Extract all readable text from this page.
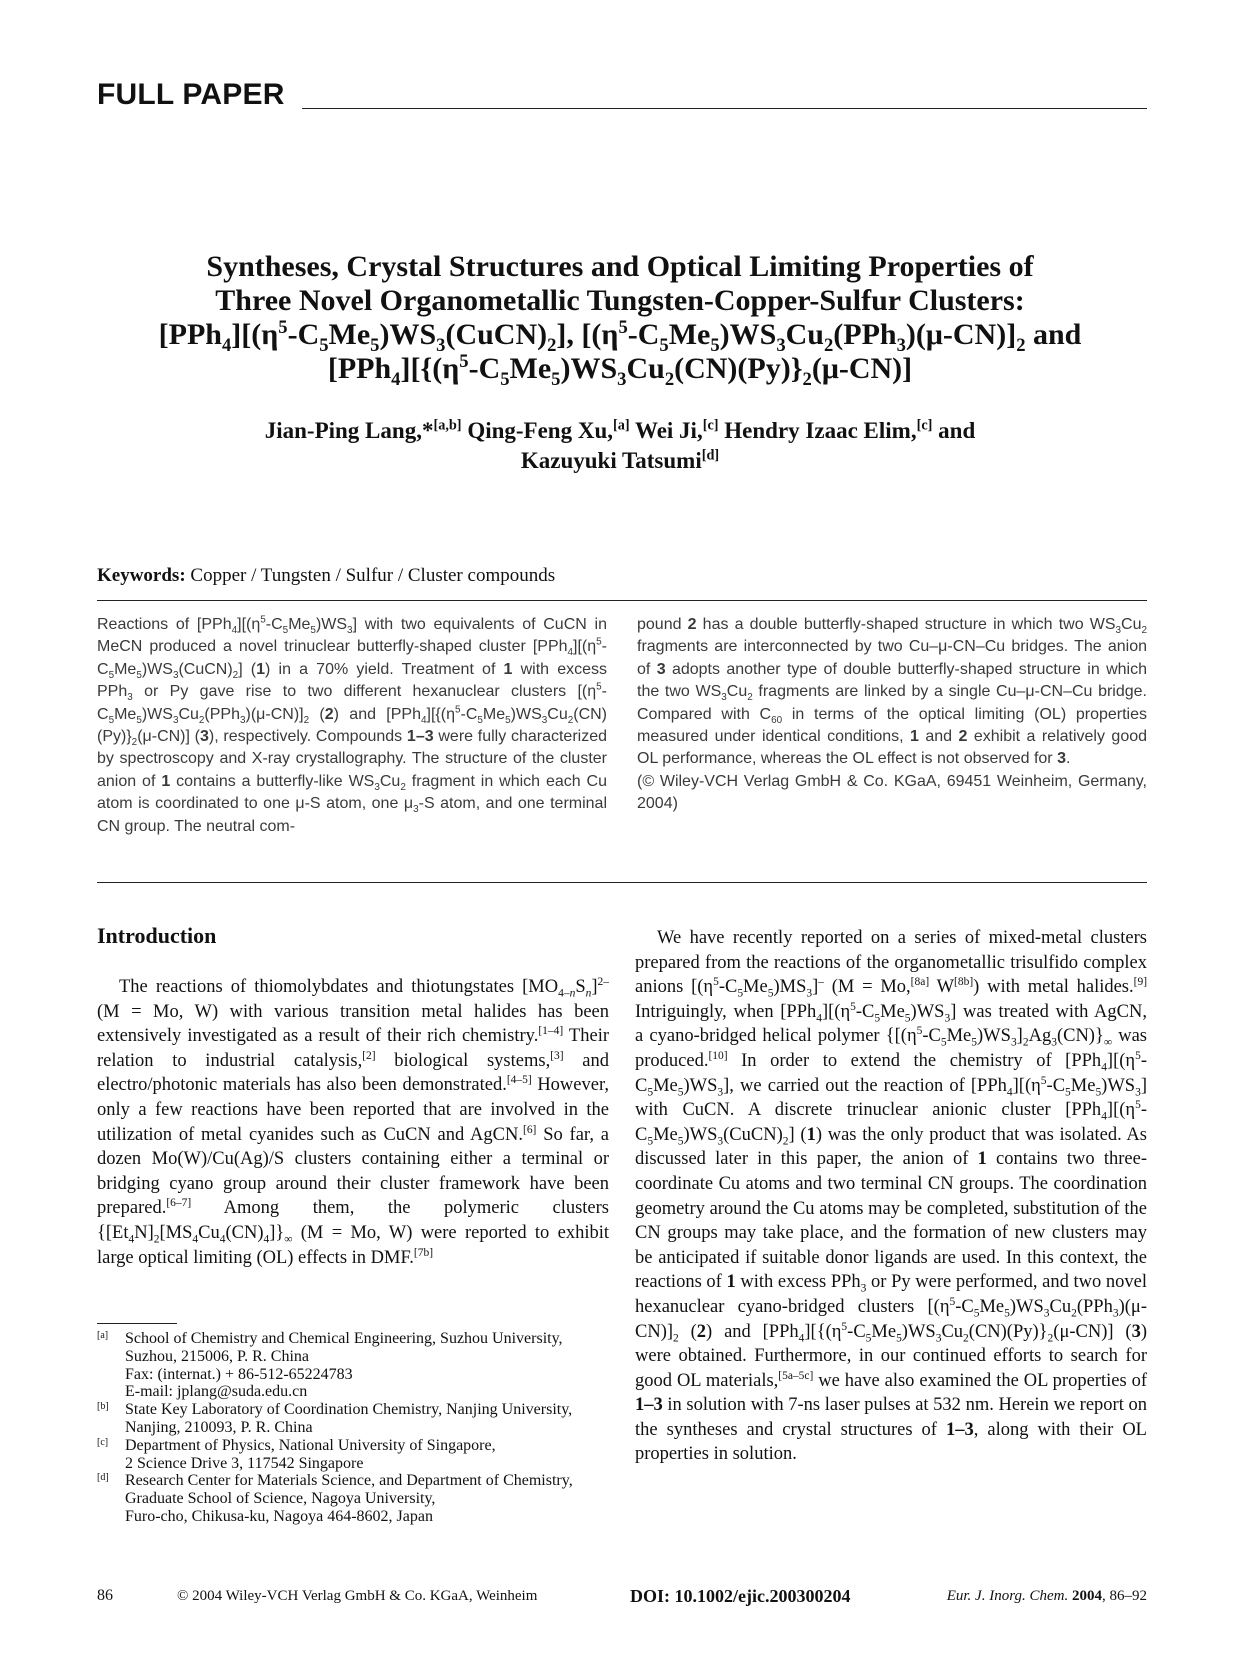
FULL PAPER
Syntheses, Crystal Structures and Optical Limiting Properties of
Three Novel Organometallic Tungsten-Copper-Sulfur Clusters:
$[PPh_4][(\eta^5-C_5Me_5)WS_3(CuCN)_2]$, $[(\eta^5-C_5Me_5)WS_3Cu_2(PPh_3)(\mu-CN)]_2$ and
$[PPh_4][\{(\eta^5-C_5Me_5)WS_3Cu_2(CN)(Py)\}_2(\mu-CN)]$
Jian-Ping Lang,*[a,b] Qing-Feng Xu,[a] Wei Ji,[c] Hendry Izaac Elim,[c] and
Kazuyuki Tatsumi[d]
Keywords: Copper / Tungsten / Sulfur / Cluster compounds

Reactions of $[PPh_4][(\eta^5-C_5Me_5)WS_3]$ with two equivalents of CuCN in MeCN produced a novel trinuclear butterfly-shaped cluster $[PPh_4][(\eta^5-C_5Me_5)WS_3(CuCN)_2]$ (1) in a 70% yield. Treatment of 1 with excess PPh$_3$ or Py gave rise to two different hexanuclear clusters $[(\eta^5-C_5Me_5)WS_3Cu_2(PPh_3)(\mu-CN)]_2$ (2) and $[PPh_4][\{(\eta^5-C_5Me_5)WS_3Cu_2(CN)(Py)\}_2(\mu-CN)]$ (3), respectively. Compounds 1–3 were fully characterized by spectroscopy and X-ray crystallography. The structure of the cluster anion of 1 contains a butterfly-like $WS_3Cu_2$ fragment in which each Cu atom is coordinated to one μ-S atom, one $\mu_3-S$ atom, and one terminal CN group. The neutral com-

pound 2 has a double butterfly-shaped structure in which two $WS_3Cu_2$ fragments are interconnected by two Cu–μ-CN–Cu bridges. The anion of 3 adopts another type of double butterfly-shaped structure in which the two $WS_3Cu_2$ fragments are linked by a single Cu–μ-CN–Cu bridge. Compared with $C_{60}$ in terms of the optical limiting (OL) properties measured under identical conditions, 1 and 2 exhibit a relatively good OL performance, whereas the OL effect is not observed for 3.

(© Wiley-VCH Verlag GmbH & Co. KGaA, 69451 Weinheim, Germany, 2004)

Introduction

The reactions of thiomolybdates and thiotungstates $[MO_{4-n}S_n]^{2-}$ (M = Mo, W) with various transition metal halides has been extensively investigated as a result of their rich chemistry.[1–4] Their relation to industrial catalysis,[2] biological systems,[3] and electro/photonic materials has also been demonstrated.[4–5] However, only a few reactions have been reported that are involved in the utilization of metal cyanides such as CuCN and AgCN.[6] So far, a dozen Mo(W)/Cu(Ag)/S clusters containing either a terminal or bridging cyano group around their cluster framework have been prepared.[6–7] Among them, the polymeric clusters $\{[Et_4N]_2[MS_4Cu_4(CN)_4]\}_\infty$ (M = Mo, W) were reported to exhibit large optical limiting (OL) effects in DMF.[7b]

We have recently reported on a series of mixed-metal clusters prepared from the reactions of the organometallic trisulfido complex anions $[(\eta^5-C_5Me_5)MS_3]^-$ (M = Mo,[8a] W[8b]) with metal halides.[9] Intriguingly, when $[PPh_4][(\eta^5-C_5Me_5)WS_3]$ was treated with AgCN, a cyano-bridged helical polymer $\{[(\eta^5-C_5Me_5)WS_3]_2Ag_3(CN)\}_\infty$ was produced.[10] In order to extend the chemistry of $[PPh_4][(\eta^5-C_5Me_5)WS_3]$, we carried out the reaction of $[PPh_4][(\eta^5-C_5Me_5)WS_3]$ with CuCN. A discrete trinuclear anionic cluster $[PPh_4][(\eta^5-C_5Me_5)WS_3(CuCN)_2]$ (1) was the only product that was isolated. As discussed later in this paper, the anion of 1 contains two three-coordinate Cu atoms and two terminal CN groups. The coordination geometry around the Cu atoms may be completed, substitution of the CN groups may take place, and the formation of new clusters may be anticipated if suitable donor ligands are used. In this context, the reactions of 1 with excess PPh$_3$ or Py were performed, and two novel hexanuclear cyano-bridged clusters $[(\eta^5-C_5Me_5)WS_3Cu_2(PPh_3)(\mu-CN)]_2$ (2) and $[PPh_4][\{(\eta^5-C_5Me_5)WS_3Cu_2(CN)(Py)\}_2(\mu-CN)]$ (3) were obtained. Furthermore, in our continued efforts to search for good OL materials,[5a–5c] we have also examined the OL properties of 1–3 in solution with 7-ns laser pulses at 532 nm. Herein we report on the syntheses and crystal structures of 1–3, along with their OL properties in solution.

[a] School of Chemistry and Chemical Engineering, Suzhou University,
Suzhou, 215006, P. R. China
Fax: (internat.) + 86-512-65224783
E-mail: jplang@suda.edu.cn
[b] State Key Laboratory of Coordination Chemistry, Nanjing University,
Nanjing, 210093, P. R. China
[c] Department of Physics, National University of Singapore,
2 Science Drive 3, 117542 Singapore
[d] Research Center for Materials Science, and Department of Chemistry, Graduate School of Science, Nagoya University,
Furo-cho, Chikusa-ku, Nagoya 464-8602, Japan
86	© 2004 Wiley-VCH Verlag GmbH & Co. KGaA, Weinheim	DOI: 10.1002/ejic.200300204	Eur. J. Inorg. Chem. 2004, 86–92
